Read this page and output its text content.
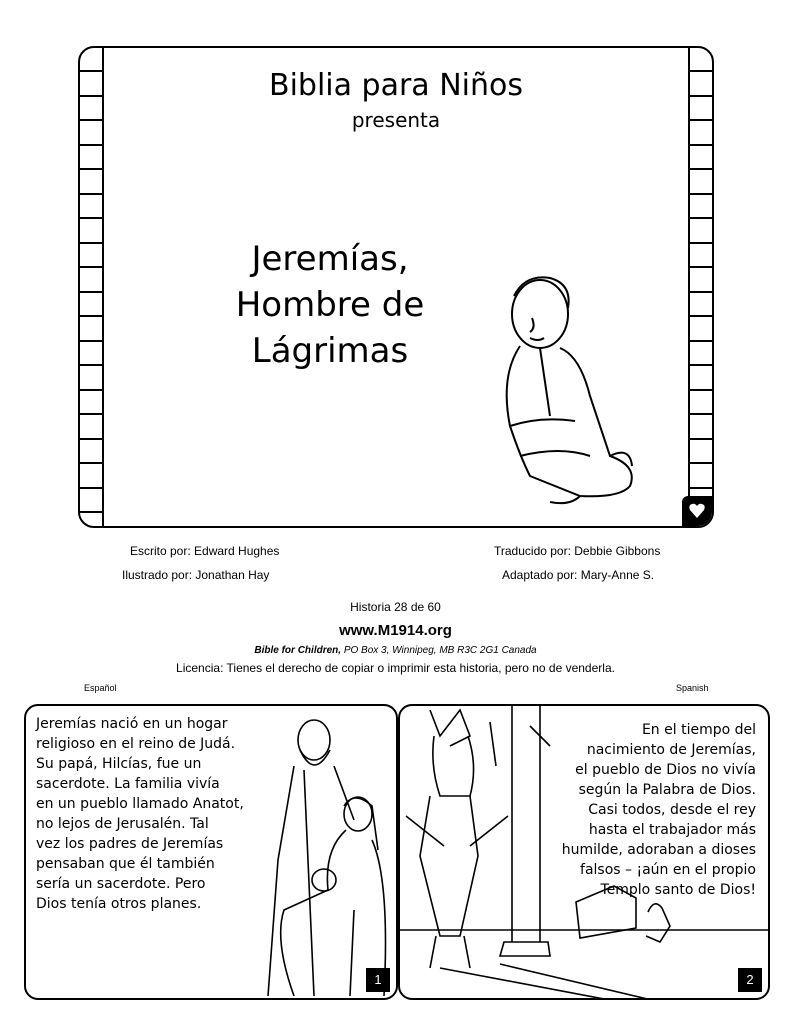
Biblia para Niños
presenta
Jeremías,
Hombre de
Lágrimas
Escrito por: Edward Hughes
Ilustrado por: Jonathan Hay
Traducido por: Debbie Gibbons
Adaptado por: Mary-Anne S.
Historia 28 de 60
www.M1914.org
Bible for Children, PO Box 3, Winnipeg, MB R3C 2G1 Canada
Licencia: Tienes el derecho de copiar o imprimir esta historia, pero no de venderla.
Español	Spanish
Jeremías nació en un hogar
religioso en el reino de Judá.
Su papá, Hilcías, fue un
sacerdote. La familia vivía
en un pueblo llamado Anatot,
no lejos de Jerusalén. Tal
vez los padres de Jeremías
pensaban que él también
sería un sacerdote. Pero
Dios tenía otros planes.
1
En el tiempo del
nacimiento de Jeremías,
el pueblo de Dios no vivía
según la Palabra de Dios.
Casi todos, desde el rey
hasta el trabajador más
humilde, adoraban a dioses
falsos – ¡aún en el propio
Templo santo de Dios!
2
